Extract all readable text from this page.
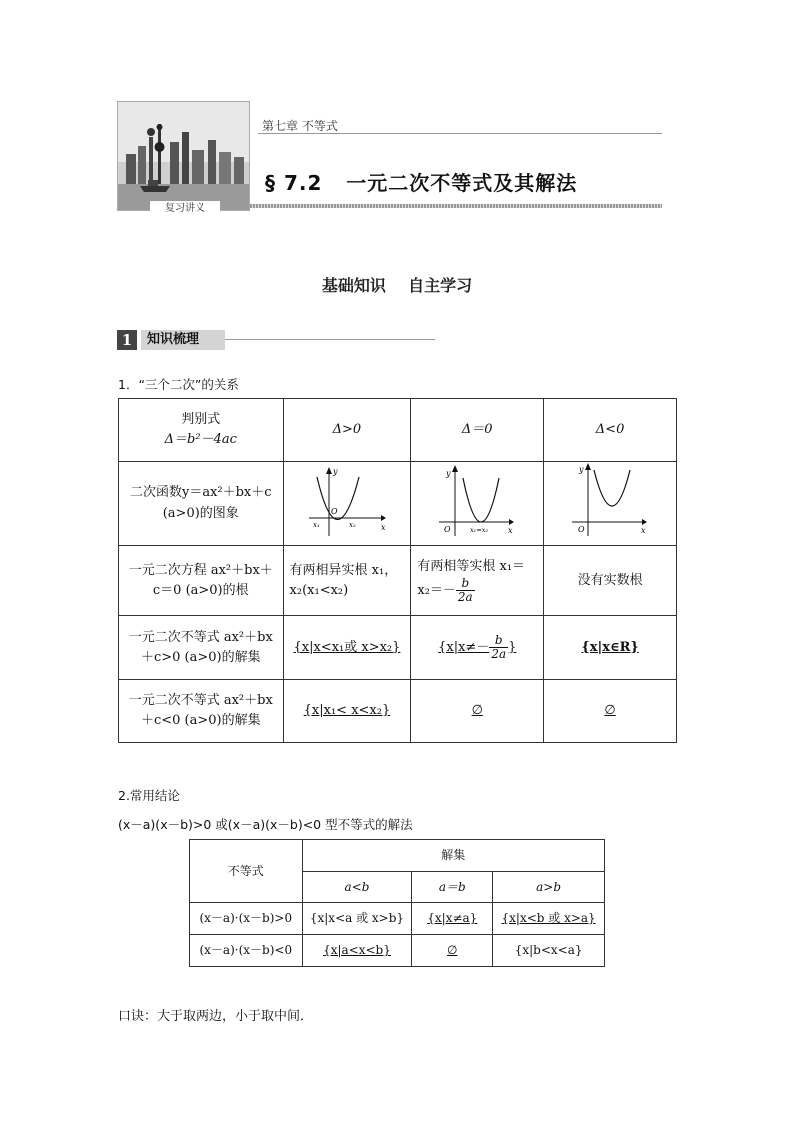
复习讲义
第七章 不等式
§ 7.2   一元二次不等式及其解法
基础知识    自主学习
1	知识梳理
1．“三个二次”的关系
判别式
Δ＝b²－4ac	Δ>0	Δ＝0	Δ<0
二次函数y＝ax²＋bx＋c
(a>0)的图象	y
x
O
x₁ x₂	y
x
O x₁=x₂	y
x
O

一元二次方程 ax²＋bx＋
c＝0 (a>0)的根	有两相异实根 x₁，
x₂(x₁<x₂)	有两相等实根 x₁＝
$x_2=- \frac{b}{2a}$	没有实数根
一元二次不等式 ax²＋bx
＋c>0 (a>0)的解集	{x|x<x₁或 x>x₂}	{$x|x\ne- \frac{b}{2a}$ }	{x|x∈R}
一元二次不等式 ax²＋bx
＋c<0 (a>0)的解集	{x|x₁< x<x₂}	∅	∅
2.常用结论
(x－a)(x－b)>0 或(x－a)(x－b)<0 型不等式的解法
不等式	解集		
	a<b	a＝b	a>b
(x－a)·(x－b)>0	{x|x<a 或 x>b}	{x|x≠a}	{x|x<b 或 x>a}
(x－a)·(x－b)<0	{x|a<x<b}	∅	{x|b<x<a}
口诀：大于取两边，小于取中间．
